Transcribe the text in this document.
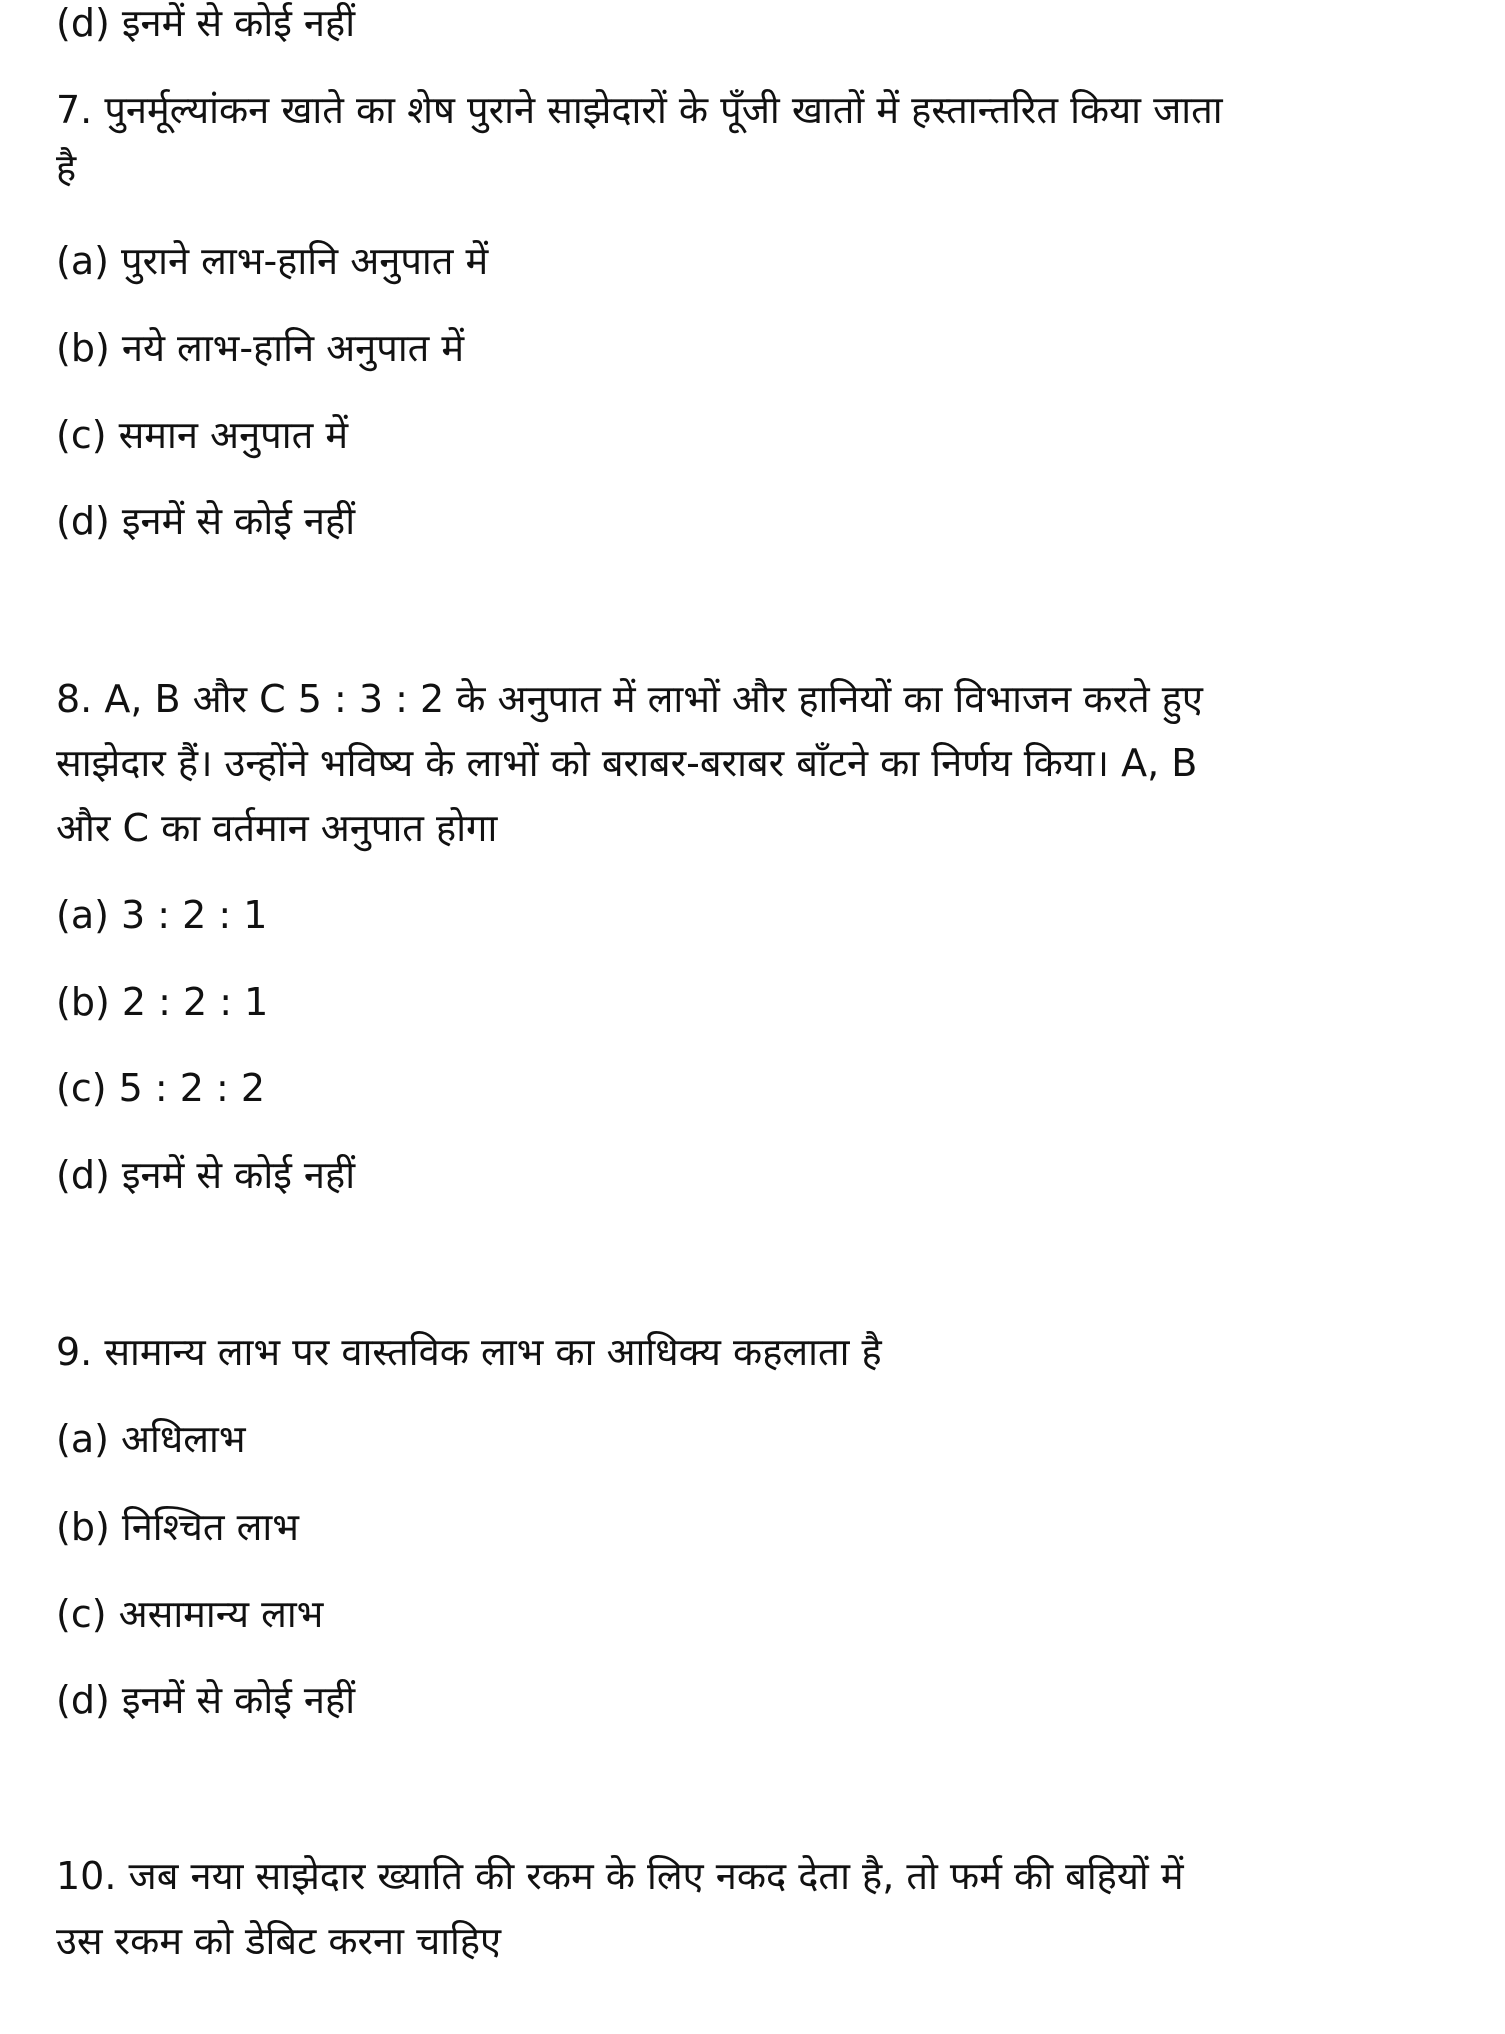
(d) इनमें से कोई नहीं
7. पुनर्मूल्यांकन खाते का शेष पुराने साझेदारों के पूँजी खातों में हस्तान्तरित किया जाता
है
(a) पुराने लाभ-हानि अनुपात में
(b) नये लाभ-हानि अनुपात में
(c) समान अनुपात में
(d) इनमें से कोई नहीं
8. A, B और C 5 : 3 : 2 के अनुपात में लाभों और हानियों का विभाजन करते हुए
साझेदार हैं। उन्होंने भविष्य के लाभों को बराबर-बराबर बाँटने का निर्णय किया। A, B
और C का वर्तमान अनुपात होगा
(a) 3 : 2 : 1
(b) 2 : 2 : 1
(c) 5 : 2 : 2
(d) इनमें से कोई नहीं
9. सामान्य लाभ पर वास्तविक लाभ का आधिक्य कहलाता है
(a) अधिलाभ
(b) निश्चित लाभ
(c) असामान्य लाभ
(d) इनमें से कोई नहीं
10. जब नया साझेदार ख्याति की रकम के लिए नकद देता है, तो फर्म की बहियों में
उस रकम को डेबिट करना चाहिए
